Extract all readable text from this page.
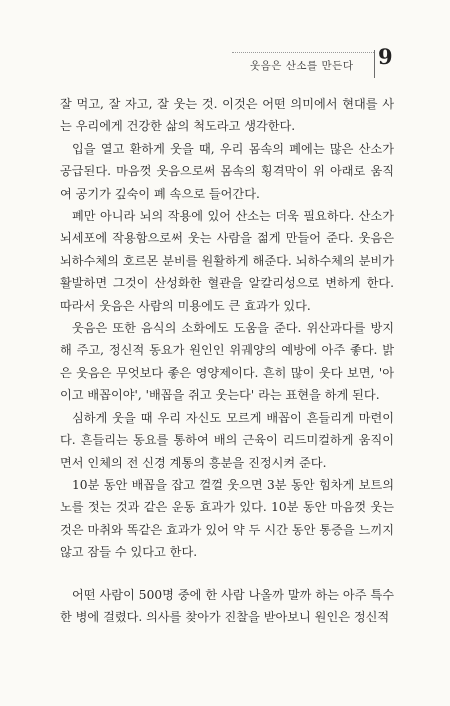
웃음은 산소를 만든다 9

잘 먹고, 잘 자고, 잘 웃는 것. 이것은 어떤 의미에서 현대를 사는 우리에게 건강한 삶의 척도라고 생각한다.

입을 열고 환하게 웃을 때, 우리 몸속의 폐에는 많은 산소가 공급된다. 마음껏 웃음으로써 몸속의 횡격막이 위 아래로 움직여 공기가 깊숙이 폐 속으로 들어간다.

폐만 아니라 뇌의 작용에 있어 산소는 더욱 필요하다. 산소가 뇌세포에 작용함으로써 웃는 사람을 젊게 만들어 준다. 웃음은 뇌하수체의 호르몬 분비를 원활하게 해준다. 뇌하수체의 분비가 활발하면 그것이 산성화한 혈관을 알칼리성으로 변하게 한다. 따라서 웃음은 사람의 미용에도 큰 효과가 있다.

웃음은 또한 음식의 소화에도 도움을 준다. 위산과다를 방지해 주고, 정신적 동요가 원인인 위궤양의 예방에 아주 좋다. 밝은 웃음은 무엇보다 좋은 영양제이다. 흔히 많이 웃다 보면, '아이고 배꼽이야', '배꼽을 쥐고 웃는다' 라는 표현을 하게 된다.

심하게 웃을 때 우리 자신도 모르게 배꼽이 흔들리게 마련이다. 흔들리는 동요를 통하여 배의 근육이 리드미컬하게 움직이면서 인체의 전 신경 계통의 흥분을 진정시켜 준다.

10분 동안 배꼽을 잡고 껄껄 웃으면 3분 동안 힘차게 보트의 노를 젓는 것과 같은 운동 효과가 있다. 10분 동안 마음껏 웃는 것은 마취와 똑같은 효과가 있어 약 두 시간 동안 통증을 느끼지 않고 잠들 수 있다고 한다.

어떤 사람이 500명 중에 한 사람 나올까 말까 하는 아주 특수한 병에 걸렸다. 의사를 찾아가 진찰을 받아보니 원인은 정신적
